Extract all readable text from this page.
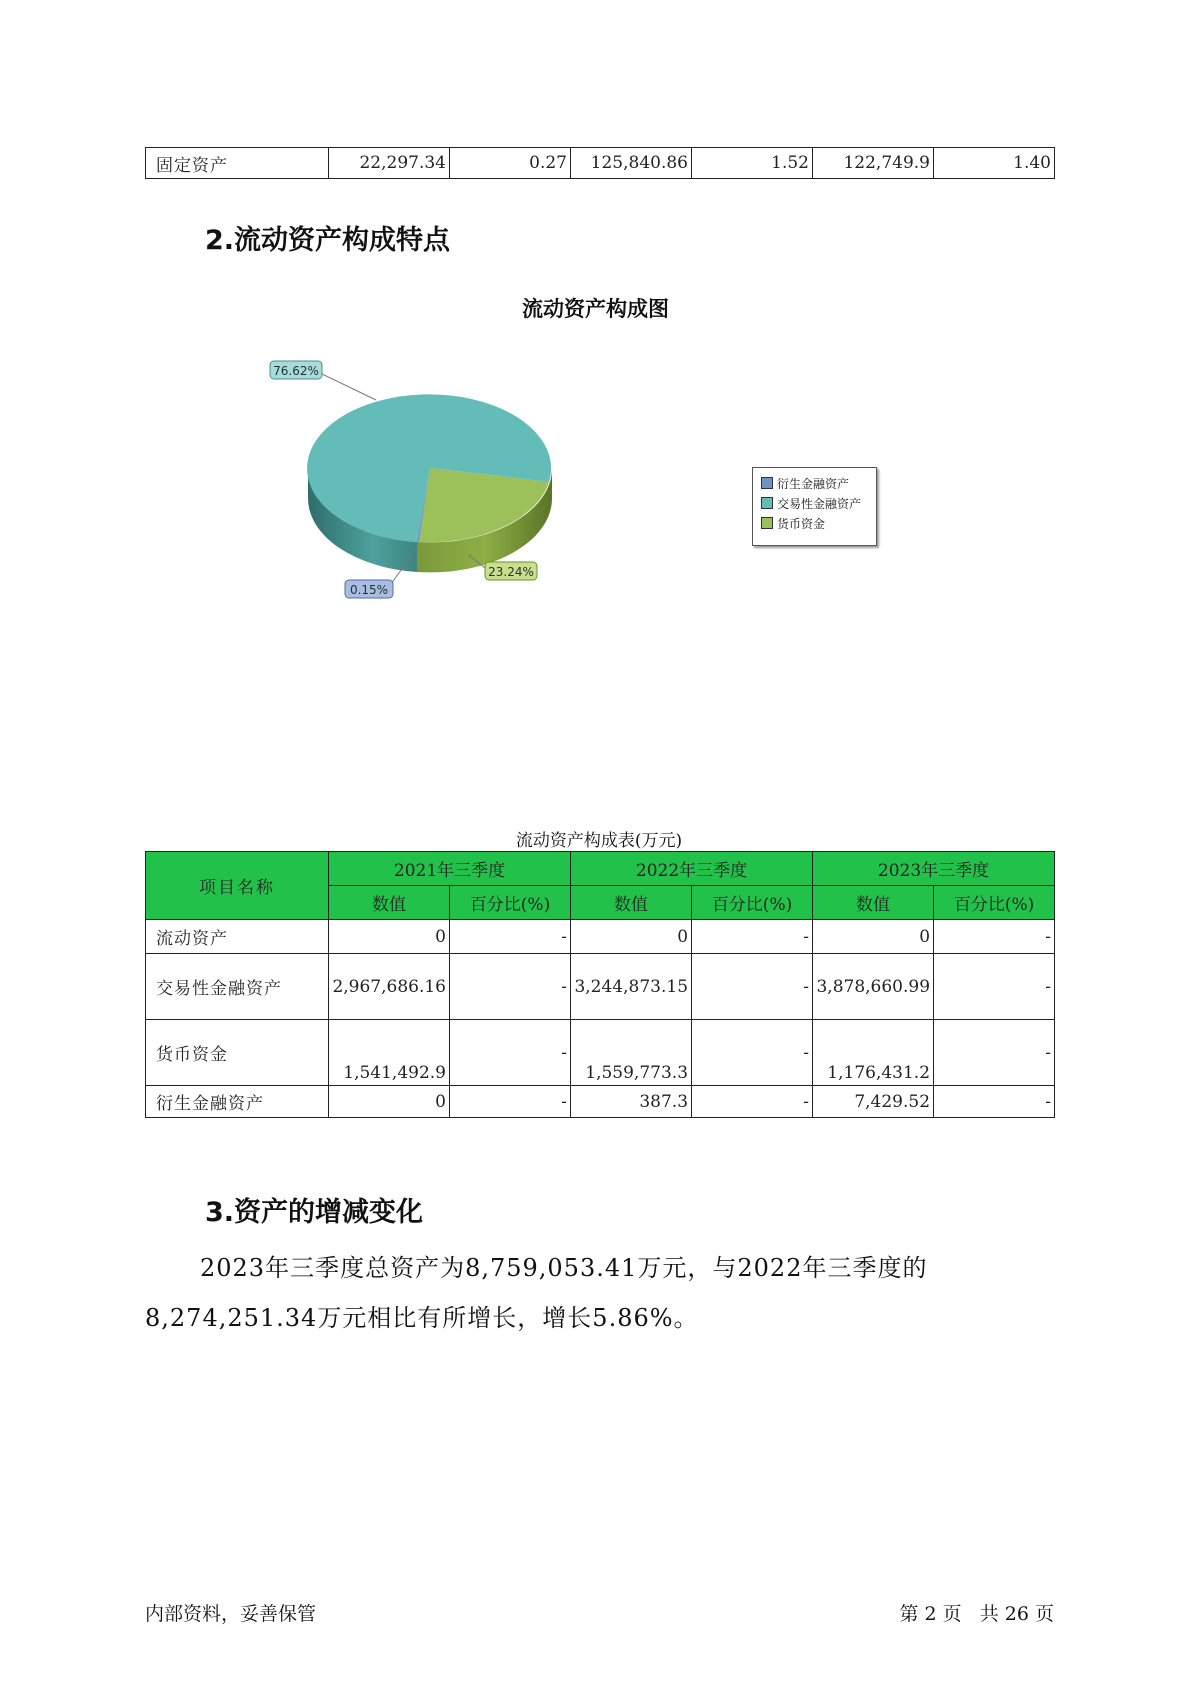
固定资产	22,297.34	0.27	125,840.86	1.52	122,749.9	1.40
2.流动资产构成特点
流动资产构成图
76.62%
23.24%
0.15%
衍生金融资产
交易性金融资产
货币资金
流动资产构成表(万元)
项目名称	2021年三季度		2022年三季度		2023年三季度	
	数值	百分比(%)	数值	百分比(%)	数值	百分比(%)
流动资产	0	-	0	-	0	-
交易性金融资产	2,967,686.16	-	3,244,873.15	-	3,878,660.99	-
货币资金	1,541,492.9	-	1,559,773.3	-	1,176,431.2	-
衍生金融资产	0	-	387.3	-	7,429.52	-
3.资产的增减变化
2023年三季度总资产为8,759,053.41万元，与2022年三季度的
8,274,251.34万元相比有所增长，增长5.86%。
内部资料，妥善保管	第 2 页   共 26 页
